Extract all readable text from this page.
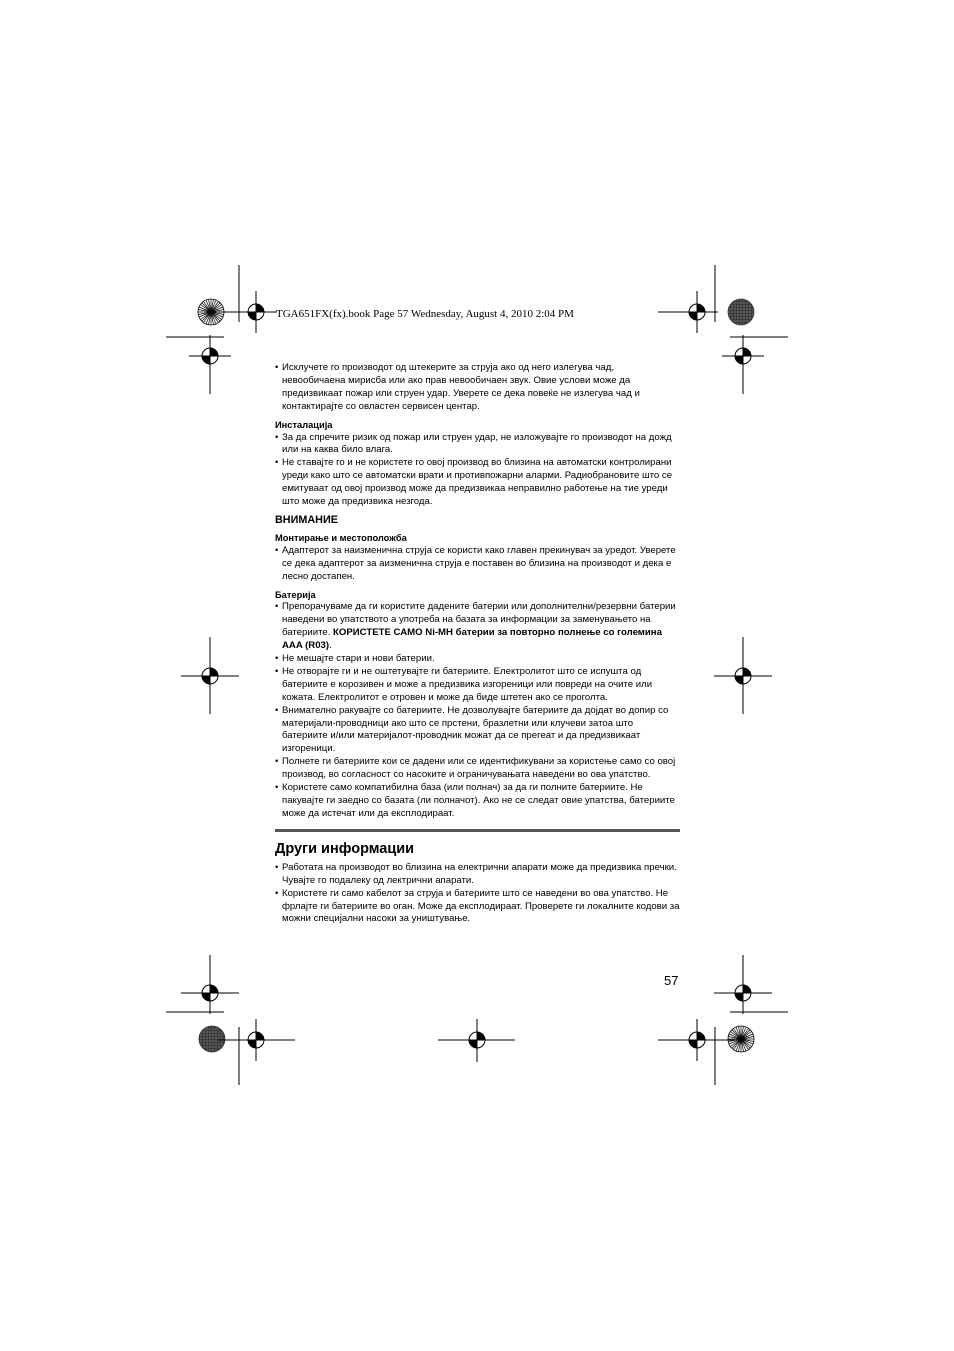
TGA651FX(fx).book Page 57 Wednesday, August 4, 2010 2:04 PM

• Исклучете го производот од штекерите за струја ако од него излегува чад, невообичаена мирисба или ако прав невообичаен звук. Овие услови може да предизвикаат пожар или струен удар. Уверете се дека повеќе не излегува чад и контактирајте со овластен сервисен центар.

Инсталација

• За да спречите ризик од пожар или струен удар, не изложувајте го производот на дожд или на каква било влага.

• Не ставајте го и не користете го овој производ во близина на автоматски контролирани уреди како што се автоматски врати и противпожарни аларми. Радиобрановите што се емитуваат од овој производ може да предизвикаа неправилно работење на тие уреди што може да предизвика незгода.

ВНИМАНИЕ

Монтирање и местоположба

• Адаптерот за наизменична струја се користи како главен прекинувач за уредот. Уверете се дека адаптерот за аизменична струја е поставен во близина на производот и дека е лесно достапен.

Батерија

• Препорачуваме да ги користите дадените батерии или дополнителни/резервни батерии наведени во упатството а употреба на базата за информации за заменувањето на батериите. КОРИСТЕТЕ САМО Ni-MH батерии за повторно полнење со големина AAA (R03).

• Не мешајте стари и нови батерии.

• Не отворајте ги и не оштетувајте ги батериите. Електролитот што се испушта од батериите е корозивен и може а предизвика изгореници или повреди на очите или кожата. Електролитот е отровен и може да биде штетен ако се проголта.

• Внимателно ракувајте со батериите. Не дозволувајте батериите да дојдат во допир со материјали-проводници ако што се прстени, бразлетни или клучеви затоа што батериите и/или материјалот-проводник можат да се прегеат и да предизвикаат изгореници.

• Полнете ги батериите кои се дадени или се идентификувани за користење само со овој производ, во согласност со насоките и ограничувањата наведени во ова упатство.

• Користете само компатибилна база (или полнач) за да ги полните батериите. Не пакувајте ги заедно со базата (ли полначот). Ако не се следат овие упатства, батериите може да истечат или да експлодираат.

Други информации

• Работата на производот во близина на електрични апарати може да предизвика пречки. Чувајте го подалеку од лектрични апарати.

• Користете ги само кабелот за струја и батериите што се наведени во ова упатство. Не фрлајте ги батериите во оган. Може да експлодираат. Проверете ги локалните кодови за можни специјални насоки за уништување.

57
